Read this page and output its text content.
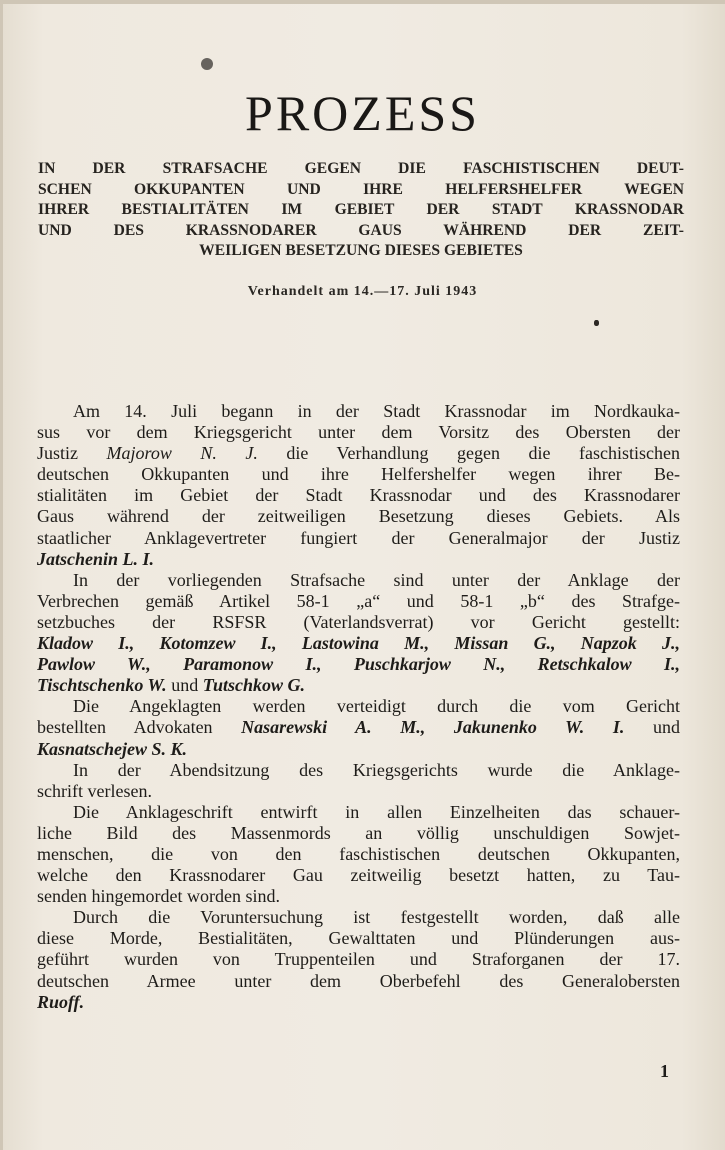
PROZESS
IN DER STRAFSACHE GEGEN DIE FASCHISTISCHEN DEUT-
SCHEN OKKUPANTEN UND IHRE HELFERSHELFER WEGEN
IHRER BESTIALITÄTEN IM GEBIET DER STADT KRASSNODAR
UND DES KRASSNODARER GAUS WÄHREND DER ZEIT-
WEILIGEN BESETZUNG DIESES GEBIETES
Verhandelt am 14.—17. Juli 1943

Am 14. Juli begann in der Stadt Krassnodar im Nordkauka-
sus vor dem Kriegsgericht unter dem Vorsitz des Obersten der
Justiz Majorow N. J. die Verhandlung gegen die faschistischen
deutschen Okkupanten und ihre Helfershelfer wegen ihrer Be-
stialitäten im Gebiet der Stadt Krassnodar und des Krassnodarer
Gaus während der zeitweiligen Besetzung dieses Gebiets. Als
staatlicher Anklagevertreter fungiert der Generalmajor der Justiz
Jatschenin L. I.

In der vorliegenden Strafsache sind unter der Anklage der
Verbrechen gemäß Artikel 58-1 „a“ und 58-1 „b“ des Strafge-
setzbuches der RSFSR (Vaterlandsverrat) vor Gericht gestellt:
Kladow I., Kotomzew I., Lastowina M., Missan G., Napzok J.,
Pawlow W., Paramonow I., Puschkarjow N., Retschkalow I.,
Tischtschenko W. und Tutschkow G.

Die Angeklagten werden verteidigt durch die vom Gericht
bestellten Advokaten Nasarewski A. M., Jakunenko W. I. und
Kasnatschejew S. K.

In der Abendsitzung des Kriegsgerichts wurde die Anklage-
schrift verlesen.

Die Anklageschrift entwirft in allen Einzelheiten das schauer-
liche Bild des Massenmords an völlig unschuldigen Sowjet-
menschen, die von den faschistischen deutschen Okkupanten,
welche den Krassnodarer Gau zeitweilig besetzt hatten, zu Tau-
senden hingemordet worden sind.

Durch die Voruntersuchung ist festgestellt worden, daß alle
diese Morde, Bestialitäten, Gewalttaten und Plünderungen aus-
geführt wurden von Truppenteilen und Straforganen der 17.
deutschen Armee unter dem Oberbefehl des Generalobersten
Ruoff.

1
